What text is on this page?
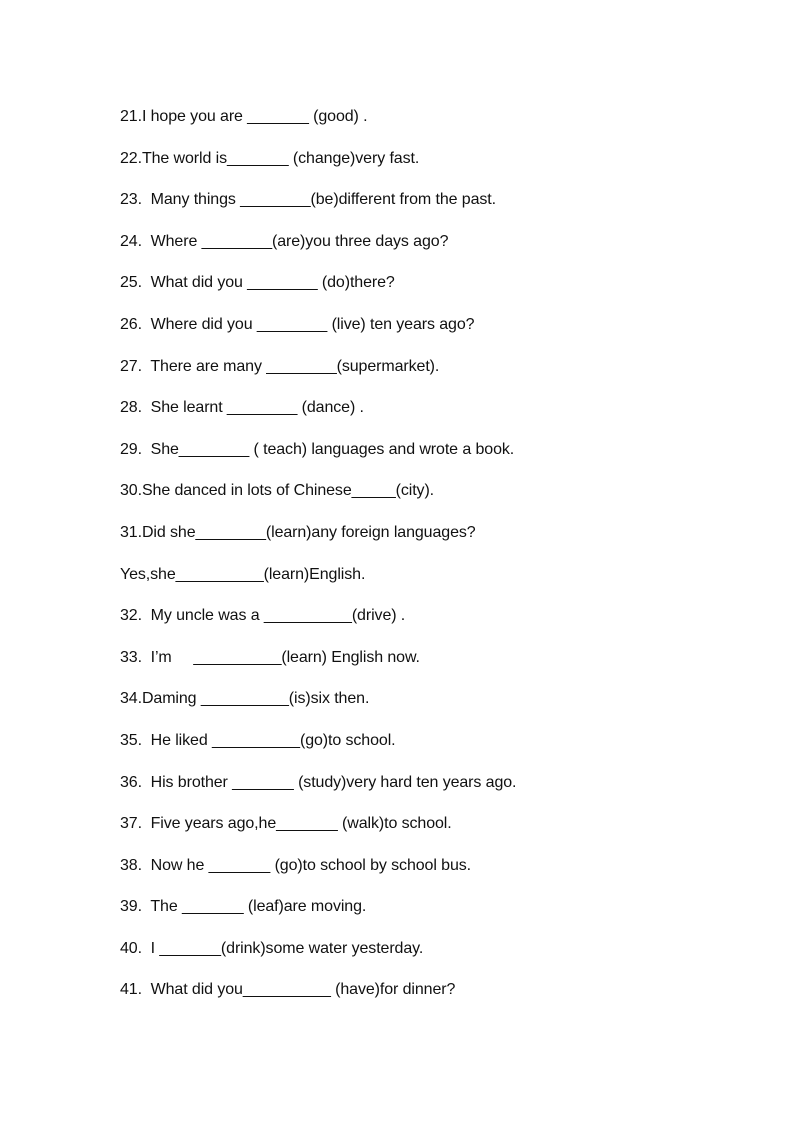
21.I hope you are _______ (good) .
22.The world is_______ (change)very fast.
23.  Many things ________(be)different from the past.
24.  Where ________(are)you three days ago?
25.  What did you ________ (do)there?
26.  Where did you ________ (live) ten years ago?
27.  There are many ________(supermarket).
28.  She learnt ________ (dance) .
29.  She________ ( teach) languages and wrote a book.
30.She danced in lots of Chinese_____(city).
31.Did she________(learn)any foreign languages?
Yes,she__________(learn)English.
32.  My uncle was a __________(drive) .
33.  I’m     __________(learn) English now.
34.Daming __________(is)six then.
35.  He liked __________(go)to school.
36.  His brother _______ (study)very hard ten years ago.
37.  Five years ago,he_______ (walk)to school.
38.  Now he _______ (go)to school by school bus.
39.  The _______ (leaf)are moving.
40.  I _______(drink)some water yesterday.
41.  What did you__________ (have)for dinner?
